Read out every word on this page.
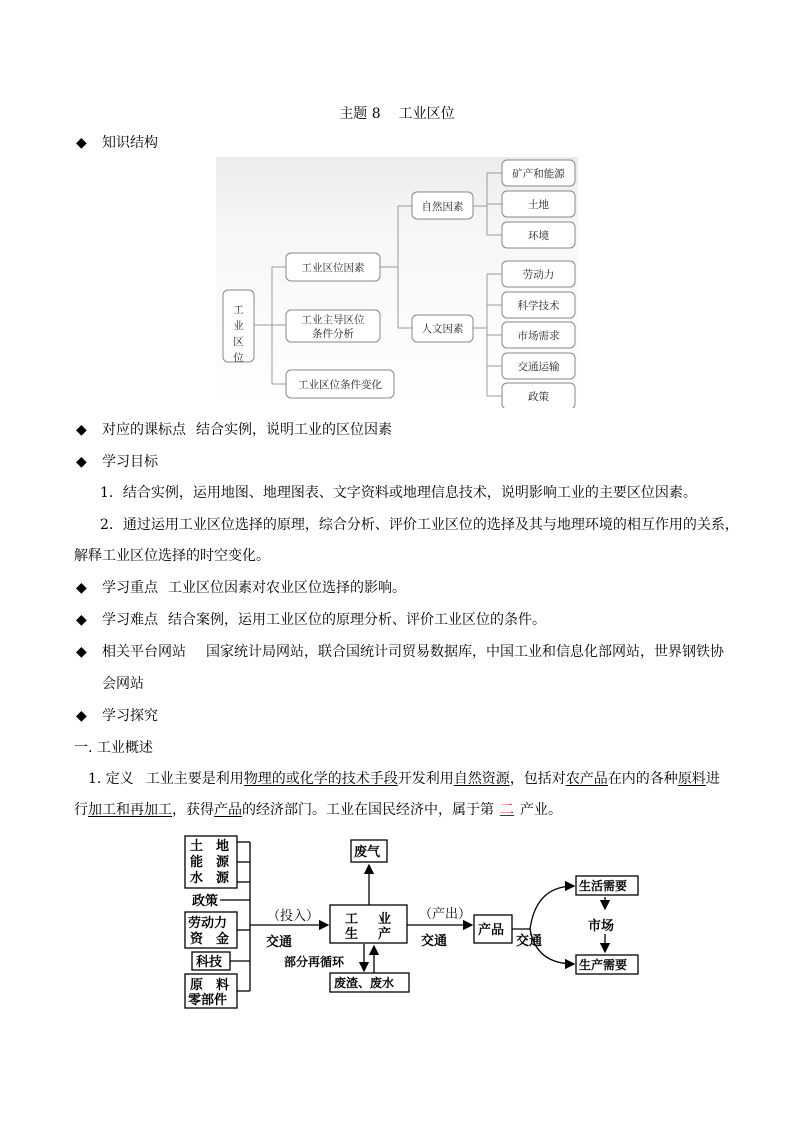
主题 8 工业区位
◆ 知识结构
工
业
区
位
工业区位因素
工业主导区位
条件分析
工业区位条件变化
自然因素
人文因素
矿产和能源
土地
环境
劳动力
科学技术
市场需求
交通运输
政策
◆ 对应的课标点 结合实例，说明工业的区位因素
◆ 学习目标
1．结合实例，运用地图、地理图表、文字资料或地理信息技术，说明影响工业的主要区位因素。
2．通过运用工业区位选择的原理，综合分析、评价工业区位的选择及其与地理环境的相互作用的关系，
解释工业区位选择的时空变化。
◆ 学习重点 工业区位因素对农业区位选择的影响。
◆ 学习难点 结合案例，运用工业区位的原理分析、评价工业区位的条件。
◆ 相关平台网站 国家统计局网站，联合国统计司贸易数据库，中国工业和信息化部网站，世界钢铁协
会网站
◆ 学习探究
一. 工业概述
1. 定义 工业主要是利用物理的或化学的技术手段开发利用自然资源，包括对农产品在内的各种原料进
行加工和再加工，获得产品的经济部门。工业在国民经济中，属于第 二 产业。
土 地
能 源
水 源
政策
劳动力
资 金
科技
原 料
零部件
（投入）
交通
部分再循环
废气
工 业
生 产
废渣、废水
（产出）
交通
产品
交通
生活需要
市场
生产需要
